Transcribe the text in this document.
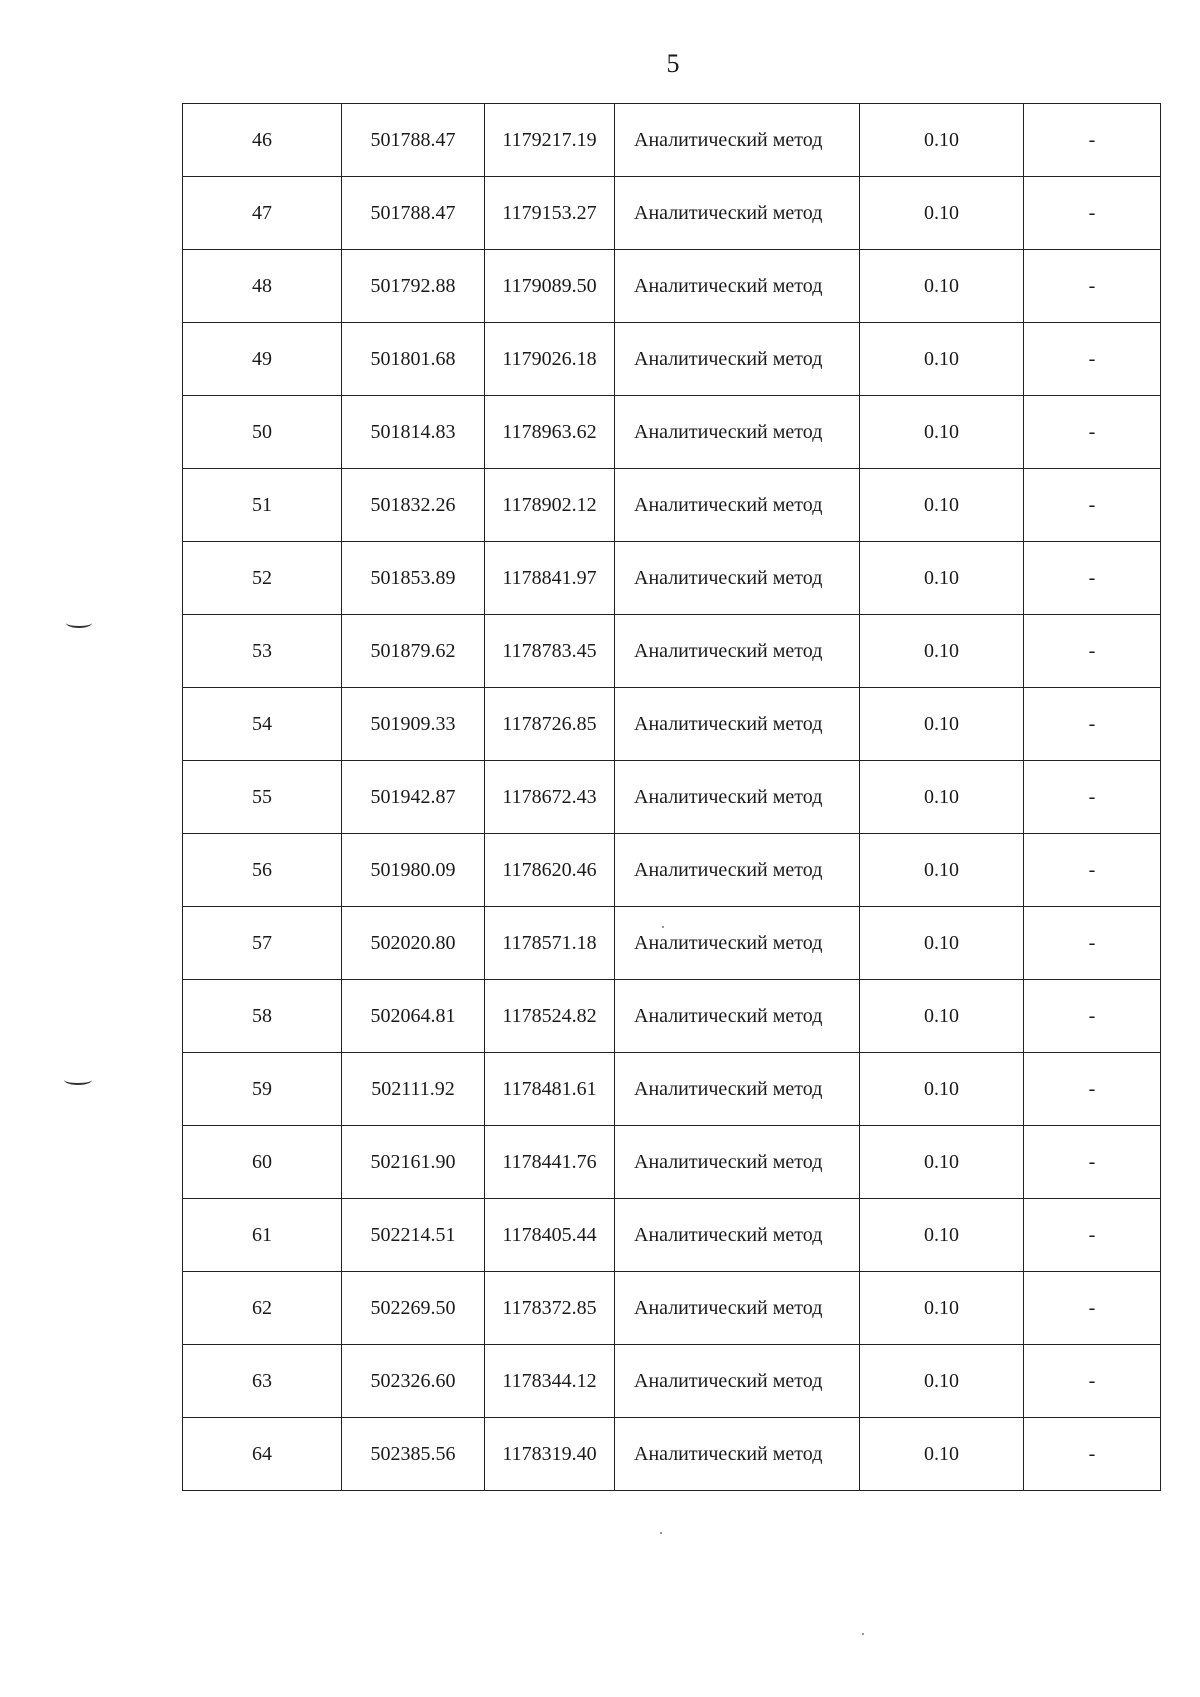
5
46	501788.47	1179217.19	Аналитический метод	0.10	-
47	501788.47	1179153.27	Аналитический метод	0.10	-
48	501792.88	1179089.50	Аналитический метод	0.10	-
49	501801.68	1179026.18	Аналитический метод	0.10	-
50	501814.83	1178963.62	Аналитический метод	0.10	-
51	501832.26	1178902.12	Аналитический метод	0.10	-
52	501853.89	1178841.97	Аналитический метод	0.10	-
53	501879.62	1178783.45	Аналитический метод	0.10	-
54	501909.33	1178726.85	Аналитический метод	0.10	-
55	501942.87	1178672.43	Аналитический метод	0.10	-
56	501980.09	1178620.46	Аналитический метод	0.10	-
57	502020.80	1178571.18	Аналитический метод	0.10	-
58	502064.81	1178524.82	Аналитический метод	0.10	-
59	502111.92	1178481.61	Аналитический метод	0.10	-
60	502161.90	1178441.76	Аналитический метод	0.10	-
61	502214.51	1178405.44	Аналитический метод	0.10	-
62	502269.50	1178372.85	Аналитический метод	0.10	-
63	502326.60	1178344.12	Аналитический метод	0.10	-
64	502385.56	1178319.40	Аналитический метод	0.10	-
